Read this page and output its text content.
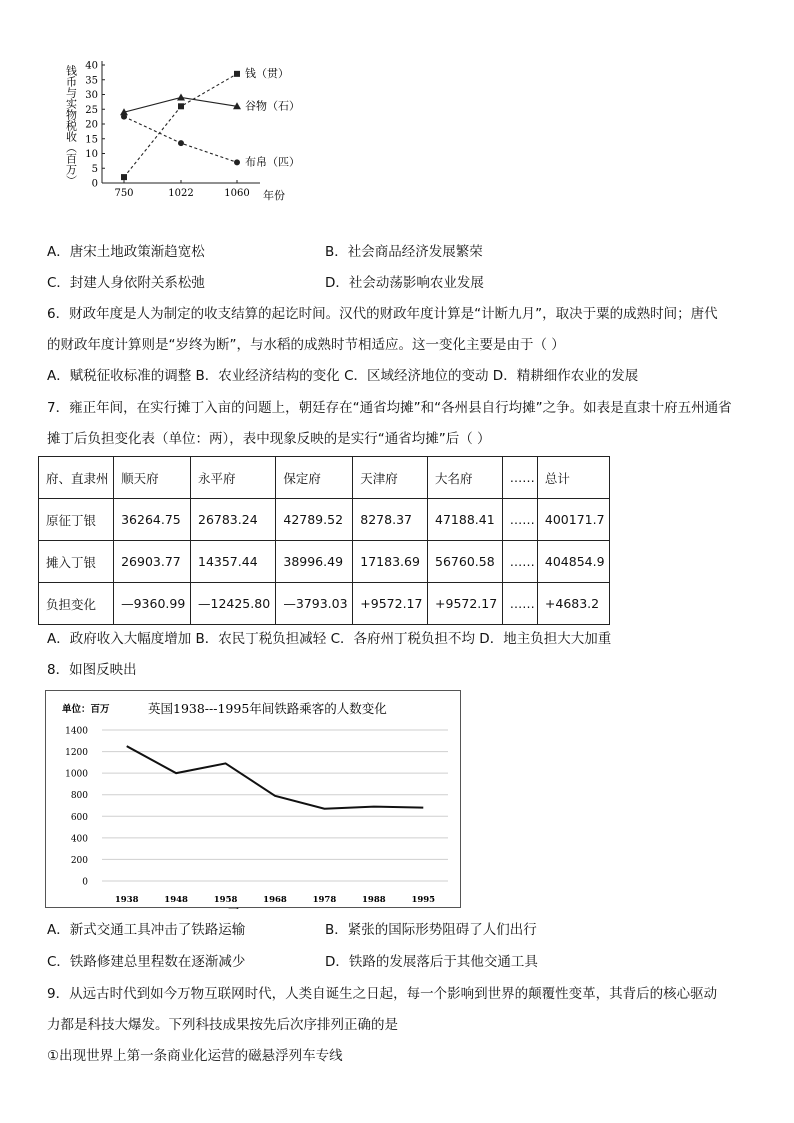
钱币与实物税收（百万） 0
5
10
15
20
25
30
35
40
750	1022	1060
钱（贯）
谷物（石）
布帛（匹）
年份
A．唐宋土地政策渐趋宽松	B．社会商品经济发展繁荣
C．封建人身依附关系松弛	D．社会动荡影响农业发展
6．财政年度是人为制定的收支结算的起讫时间。汉代的财政年度计算是“计断九月”，取决于粟的成熟时间；唐代
的财政年度计算则是“岁终为断”，与水稻的成熟时节相适应。这一变化主要是由于（ ）
A．赋税征收标准的调整 B．农业经济结构的变化 C．区域经济地位的变动 D．精耕细作农业的发展
7．雍正年间，在实行摊丁入亩的问题上，朝廷存在“通省均摊”和“各州县自行均摊”之争。如表是直隶十府五州通省
摊丁后负担变化表（单位：两），表中现象反映的是实行“通省均摊”后（ ）
府、直隶州	顺天府	永平府	保定府	天津府	大名府	……	总计
原征丁银	36264.75	26783.24	42789.52	8278.37	47188.41	……	400171.7
摊入丁银	26903.77	14357.44	38996.49	17183.69	56760.58	……	404854.9
负担变化	—9360.99	—12425.80	—3793.03	+9572.17	+9572.17	……	+4683.2
A．政府收入大幅度增加 B．农民丁税负担减轻 C．各府州丁税负担不均 D．地主负担大大加重
8．如图反映出
单位：百万	英国1938---1995年间铁路乘客的人数变化
0
200
400
600
800
1000
1200
1400
1938	1948	1958	1968	1978	1988	1995
一
A．新式交通工具冲击了铁路运输	B．紧张的国际形势阻碍了人们出行
C．铁路修建总里程数在逐渐减少	D．铁路的发展落后于其他交通工具
9．从远古时代到如今万物互联网时代，人类自诞生之日起，每一个影响到世界的颠覆性变革，其背后的核心驱动
力都是科技大爆发。下列科技成果按先后次序排列正确的是
①出现世界上第一条商业化运营的磁悬浮列车专线
